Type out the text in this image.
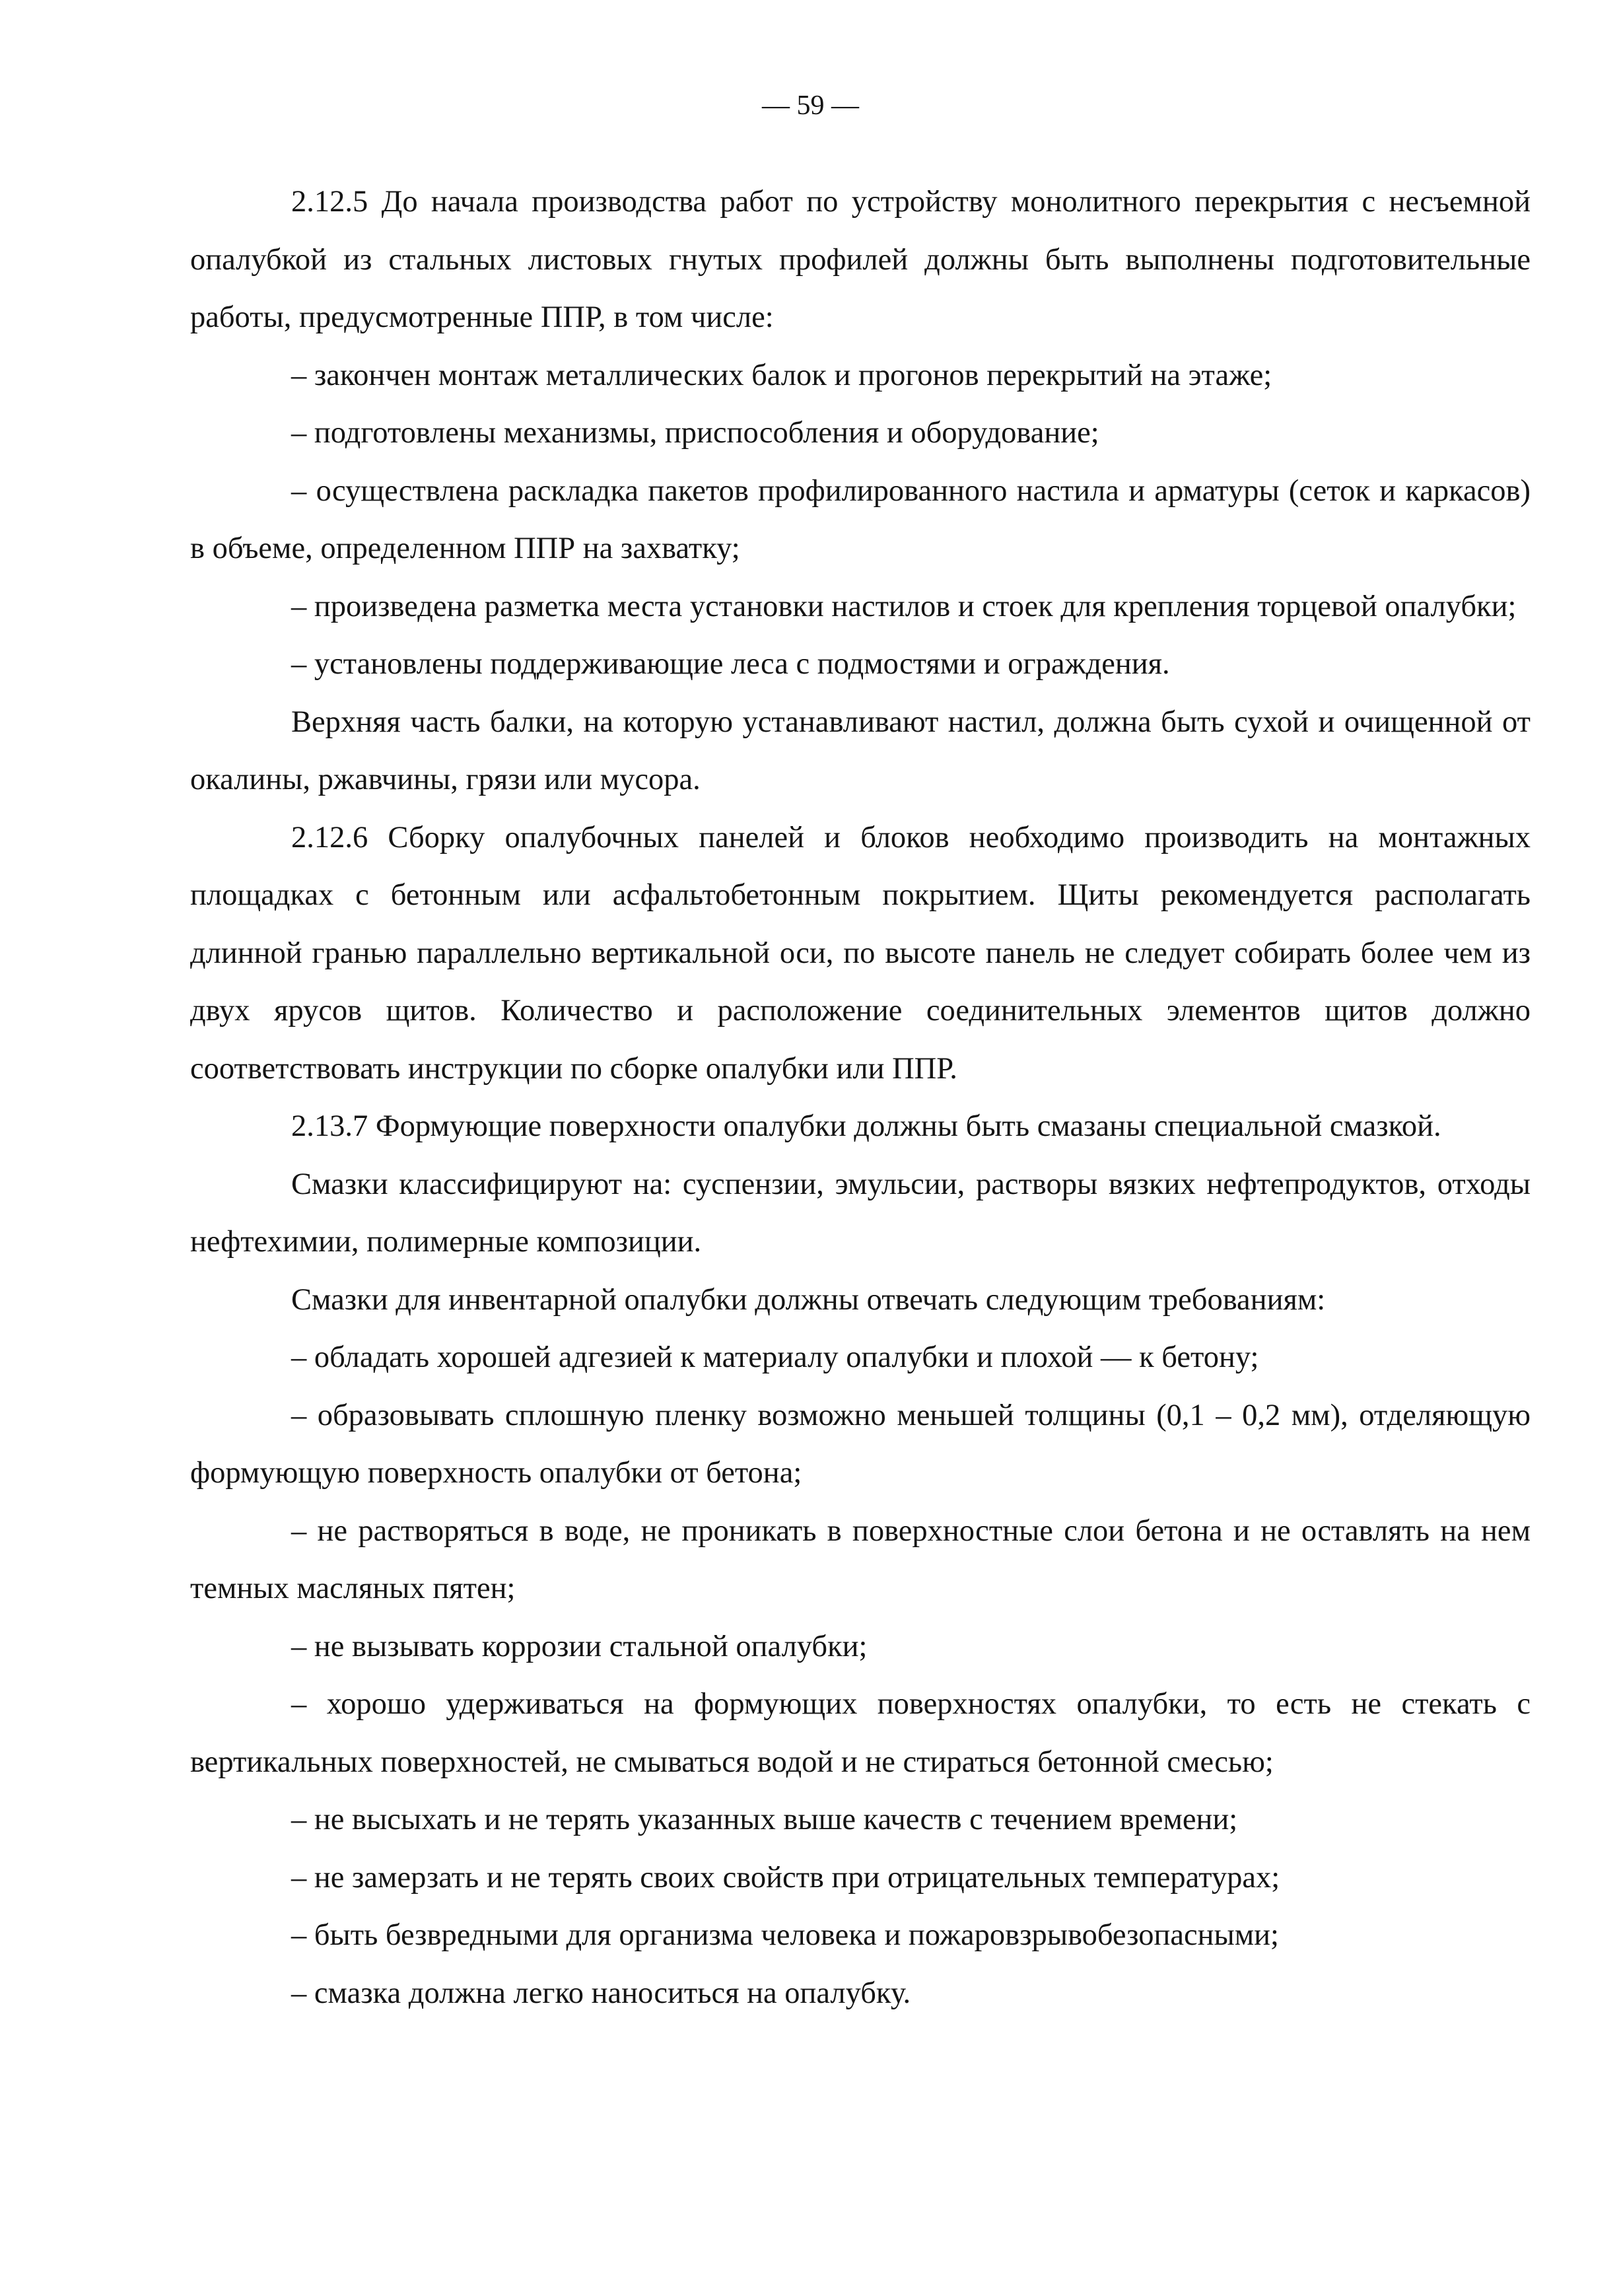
— 59 —

2.12.5 До начала производства работ по устройству монолитного перекрытия с несъемной опалубкой из стальных листовых гнутых профилей должны быть выполнены подготовительные работы, предусмотренные ППР, в том числе:

– закончен монтаж металлических балок и прогонов перекрытий на этаже;

– подготовлены механизмы, приспособления и оборудование;

– осуществлена раскладка пакетов профилированного настила и арматуры (сеток и каркасов) в объеме, определенном ППР на захватку;

– произведена разметка места установки настилов и стоек для крепления торцевой опалубки;

– установлены поддерживающие леса с подмостями и ограждения.

Верхняя часть балки, на которую устанавливают настил, должна быть сухой и очищенной от окалины, ржавчины, грязи или мусора.

2.12.6 Сборку опалубочных панелей и блоков необходимо производить на монтажных площадках с бетонным или асфальтобетонным покрытием. Щиты рекомендуется располагать длинной гранью параллельно вертикальной оси, по высоте панель не следует собирать более чем из двух ярусов щитов. Количество и расположение соединительных элементов щитов должно соответствовать инструкции по сборке опалубки или ППР.

2.13.7 Формующие поверхности опалубки должны быть смазаны специальной смазкой.

Смазки классифицируют на: суспензии, эмульсии, растворы вязких нефтепродуктов, отходы нефтехимии, полимерные композиции.

Смазки для инвентарной опалубки должны отвечать следующим требованиям:

– обладать хорошей адгезией к материалу опалубки и плохой — к бетону;

– образовывать сплошную пленку возможно меньшей толщины (0,1 – 0,2 мм), отделяющую формующую поверхность опалубки от бетона;

– не растворяться в воде, не проникать в поверхностные слои бетона и не оставлять на нем темных масляных пятен;

– не вызывать коррозии стальной опалубки;

– хорошо удерживаться на формующих поверхностях опалубки, то есть не стекать с вертикальных поверхностей, не смываться водой и не стираться бетонной смесью;

– не высыхать и не терять указанных выше качеств с течением времени;

– не замерзать и не терять своих свойств при отрицательных температурах;

– быть безвредными для организма человека и пожаровзрывобезопасными;

– смазка должна легко наноситься на опалубку.
